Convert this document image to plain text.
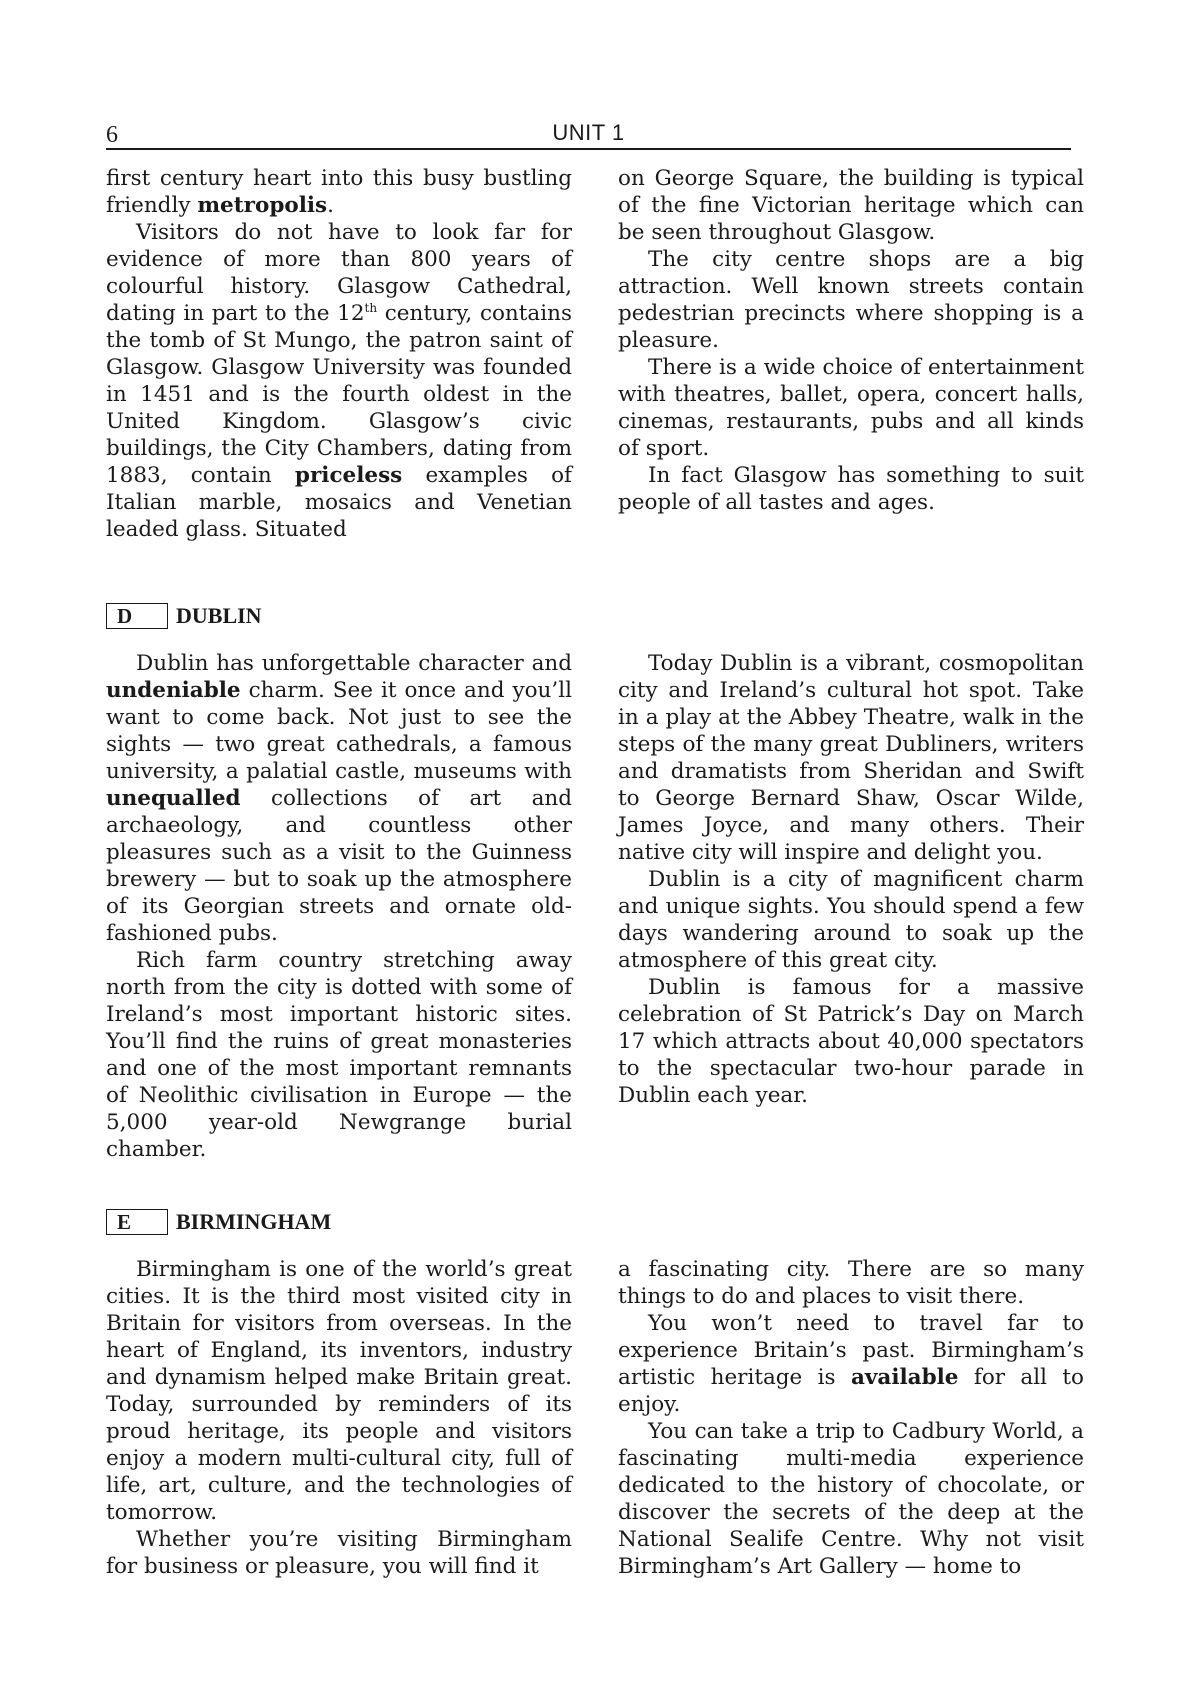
6	UNIT 1

first century heart into this busy bustling friendly metropolis.

Visitors do not have to look far for evidence of more than 800 years of colourful history. Glasgow Cathedral, dating in part to the 12th century, contains the tomb of St Mungo, the patron saint of Glasgow. Glasgow University was founded in 1451 and is the fourth oldest in the United Kingdom. Glasgow’s civic buildings, the City Chambers, dating from 1883, contain priceless examples of Italian marble, mosaics and Venetian leaded glass. Situated

on George Square, the building is typical of the fine Victorian heritage which can be seen throughout Glasgow.

The city centre shops are a big attraction. Well known streets contain pedestrian precincts where shopping is a pleasure.

There is a wide choice of entertainment with theatres, ballet, opera, concert halls, cinemas, restaurants, pubs and all kinds of sport.

In fact Glasgow has something to suit people of all tastes and ages.

D	DUBLIN

Dublin has unforgettable character and undeniable charm. See it once and you’ll want to come back. Not just to see the sights — two great cathedrals, a famous university, a palatial castle, museums with unequalled collections of art and archaeology, and countless other pleasures such as a visit to the Guinness brewery — but to soak up the atmosphere of its Georgian streets and ornate old-fashioned pubs.

Rich farm country stretching away north from the city is dotted with some of Ireland’s most important historic sites. You’ll find the ruins of great monasteries and one of the most important remnants of Neolithic civilisation in Europe — the 5,000 year-old Newgrange burial chamber.

Today Dublin is a vibrant, cosmopolitan city and Ireland’s cultural hot spot. Take in a play at the Abbey Theatre, walk in the steps of the many great Dubliners, writers and dramatists from Sheridan and Swift to George Bernard Shaw, Oscar Wilde, James Joyce, and many others. Their native city will inspire and delight you.

Dublin is a city of magnificent charm and unique sights. You should spend a few days wandering around to soak up the atmosphere of this great city.

Dublin is famous for a massive celebration of St Patrick’s Day on March 17 which attracts about 40,000 spectators to the spectacular two-hour parade in Dublin each year.

E	BIRMINGHAM

Birmingham is one of the world’s great cities. It is the third most visited city in Britain for visitors from overseas. In the heart of England, its inventors, industry and dynamism helped make Britain great. Today, surrounded by reminders of its proud heritage, its people and visitors enjoy a modern multi-cultural city, full of life, art, culture, and the technologies of tomorrow.

Whether you’re visiting Birmingham for business or pleasure, you will find it

a fascinating city. There are so many things to do and places to visit there.

You won’t need to travel far to experience Britain’s past. Birmingham’s artistic heritage is available for all to enjoy.

You can take a trip to Cadbury World, a fascinating multi-media experience dedicated to the history of chocolate, or discover the secrets of the deep at the National Sealife Centre. Why not visit Birmingham’s Art Gallery — home to
